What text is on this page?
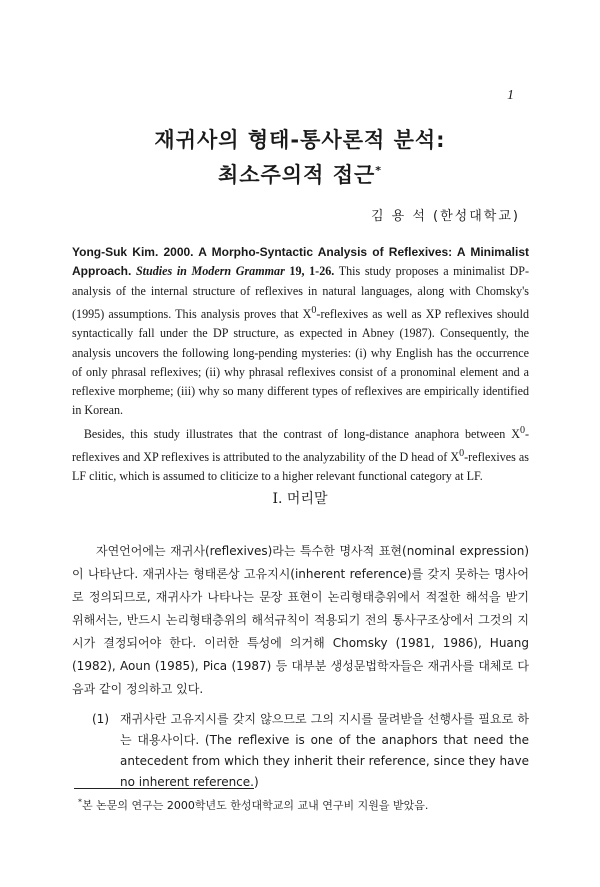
1
재귀사의 형태-통사론적 분석:
최소주의적 접근*
김 용 석 (한성대학교)

Yong-Suk Kim. 2000. A Morpho-Syntactic Analysis of Reflexives: A Minimalist Approach. Studies in Modern Grammar 19, 1-26. This study proposes a minimalist DP-analysis of the internal structure of reflexives in natural languages, along with Chomsky's (1995) assumptions. This analysis proves that $X^0$-reflexives as well as XP reflexives should syntactically fall under the DP structure, as expected in Abney (1987). Consequently, the analysis uncovers the following long-pending mysteries: (i) why English has the occurrence of only phrasal reflexives; (ii) why phrasal reflexives consist of a pronominal element and a reflexive morpheme; (iii) why so many different types of reflexives are empirically identified in Korean.

Besides, this study illustrates that the contrast of long-distance anaphora between $X^0$-reflexives and XP reflexives is attributed to the analyzability of the D head of $X^0$-reflexives as LF clitic, which is assumed to cliticize to a higher relevant functional category at LF.

I. 머리말

자연언어에는 재귀사(reflexives)라는 특수한 명사적 표현(nominal expression)이 나타난다. 재귀사는 형태론상 고유지시(inherent reference)를 갖지 못하는 명사어로 정의되므로, 재귀사가 나타나는 문장 표현이 논리형태층위에서 적절한 해석을 받기 위해서는, 반드시 논리형태층위의 해석규칙이 적용되기 전의 통사구조상에서 그것의 지시가 결정되어야 한다. 이러한 특성에 의거해 Chomsky (1981, 1986), Huang (1982), Aoun (1985), Pica (1987) 등 대부분 생성문법학자들은 재귀사를 대체로 다음과 같이 정의하고 있다.

(1) 재귀사란 고유지시를 갖지 않으므로 그의 지시를 물려받을 선행사를 필요로 하는 대용사이다. (The reflexive is one of the anaphors that need the antecedent from which they inherit their reference, since they have no inherent reference.)
*본 논문의 연구는 2000학년도 한성대학교의 교내 연구비 지원을 받았음.
